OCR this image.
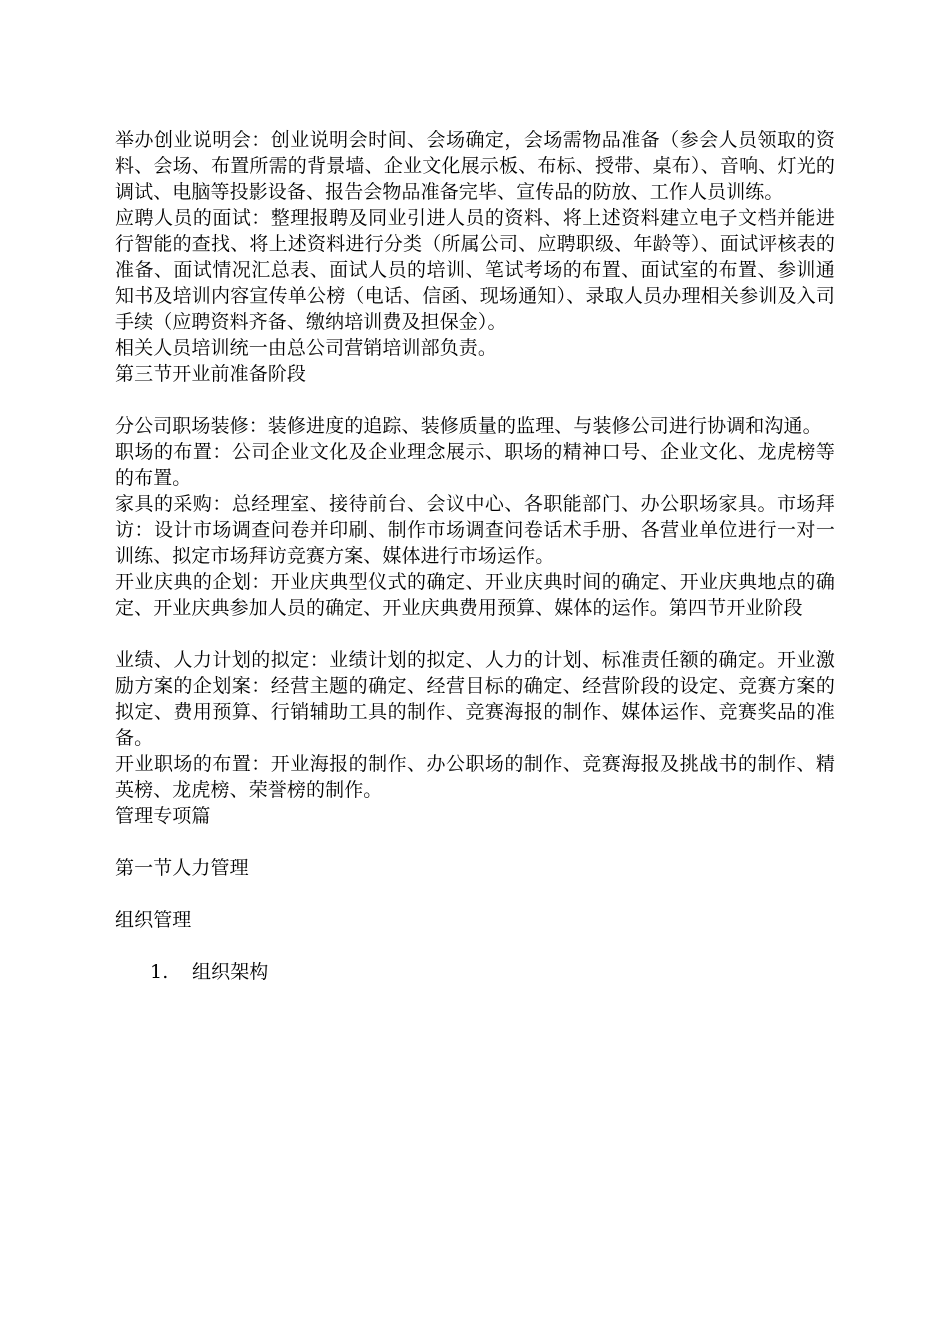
举办创业说明会：创业说明会时间、会场确定，会场需物品准备（参会人员领取的资料、会场、布置所需的背景墙、企业文化展示板、布标、授带、桌布）、音响、灯光的调试、电脑等投影设备、报告会物品准备完毕、宣传品的防放、工作人员训练。

应聘人员的面试：整理报聘及同业引进人员的资料、将上述资料建立电子文档并能进行智能的查找、将上述资料进行分类（所属公司、应聘职级、年龄等）、面试评核表的准备、面试情况汇总表、面试人员的培训、笔试考场的布置、面试室的布置、参训通知书及培训内容宣传单公榜（电话、信函、现场通知）、录取人员办理相关参训及入司手续（应聘资料齐备、缴纳培训费及担保金）。

相关人员培训统一由总公司营销培训部负责。

第三节开业前准备阶段

分公司职场装修：装修进度的追踪、装修质量的监理、与装修公司进行协调和沟通。

职场的布置：公司企业文化及企业理念展示、职场的精神口号、企业文化、龙虎榜等的布置。

家具的采购：总经理室、接待前台、会议中心、各职能部门、办公职场家具。市场拜访：设计市场调查问卷并印刷、制作市场调查问卷话术手册、各营业单位进行一对一训练、拟定市场拜访竞赛方案、媒体进行市场运作。

开业庆典的企划：开业庆典型仪式的确定、开业庆典时间的确定、开业庆典地点的确定、开业庆典参加人员的确定、开业庆典费用预算、媒体的运作。第四节开业阶段

业绩、人力计划的拟定：业绩计划的拟定、人力的计划、标准责任额的确定。开业激励方案的企划案：经营主题的确定、经营目标的确定、经营阶段的设定、竞赛方案的拟定、费用预算、行销辅助工具的制作、竞赛海报的制作、媒体运作、竞赛奖品的准备。

开业职场的布置：开业海报的制作、办公职场的制作、竞赛海报及挑战书的制作、精英榜、龙虎榜、荣誉榜的制作。

管理专项篇

第一节人力管理

组织管理

1. 组织架构
